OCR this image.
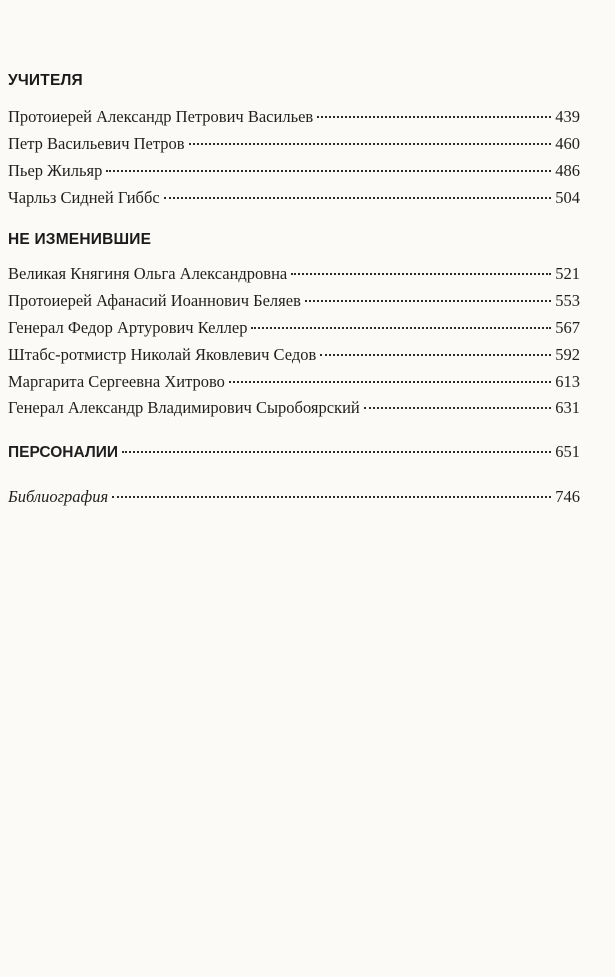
УЧИТЕЛЯ
Протоиерей Александр Петрович Васильев	439
Петр Васильевич Петров	460
Пьер Жильяр	486
Чарльз Сидней Гиббс	504
НЕ ИЗМЕНИВШИЕ
Великая Княгиня Ольга Александровна	521
Протоиерей Афанасий Иоаннович Беляев	553
Генерал Федор Артурович Келлер	567
Штабс-ротмистр Николай Яковлевич Седов	592
Маргарита Сергеевна Хитрово	613
Генерал Александр Владимирович Сыробоярский	631
ПЕРСОНАЛИИ	651
Библиография	746
